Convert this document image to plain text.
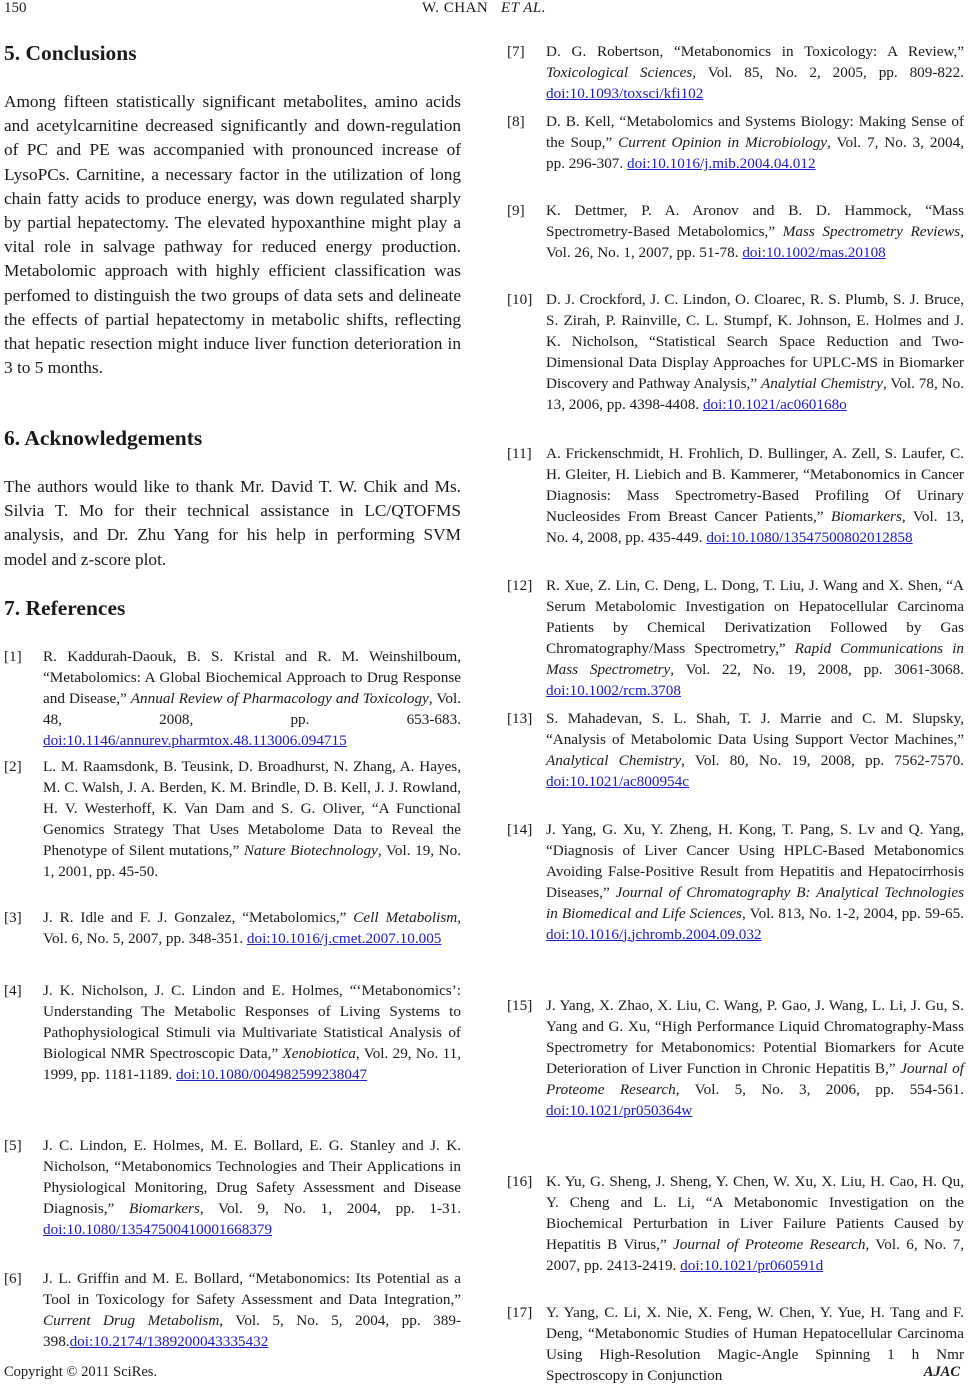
150	W. CHAN ET AL.
5. Conclusions

Among fifteen statistically significant metabolites, amino acids and acetylcarnitine decreased significantly and down-regulation of PC and PE was accompanied with pronounced increase of LysoPCs. Carnitine, a necessary factor in the utilization of long chain fatty acids to produce energy, was down regulated sharply by partial hepatectomy. The elevated hypoxanthine might play a vital role in salvage pathway for reduced energy production. Metabolomic approach with highly efficient classification was perfomed to distinguish the two groups of data sets and delineate the effects of partial hepatectomy in metabolic shifts, reflecting that hepatic resection might induce liver function deterioration in 3 to 5 months.

6. Acknowledgements

The authors would like to thank Mr. David T. W. Chik and Ms. Silvia T. Mo for their technical assistance in LC/QTOFMS analysis, and Dr. Zhu Yang for his help in performing SVM model and z-score plot.

7. References
[1] R. Kaddurah-Daouk, B. S. Kristal and R. M. Weinshilboum, “Metabolomics: A Global Biochemical Approach to Drug Response and Disease,” Annual Review of Pharmacology and Toxicology, Vol. 48, 2008, pp. 653-683. doi:10.1146/annurev.pharmtox.48.113006.094715
[2] L. M. Raamsdonk, B. Teusink, D. Broadhurst, N. Zhang, A. Hayes, M. C. Walsh, J. A. Berden, K. M. Brindle, D. B. Kell, J. J. Rowland, H. V. Westerhoff, K. Van Dam and S. G. Oliver, “A Functional Genomics Strategy That Uses Metabolome Data to Reveal the Phenotype of Silent mutations,” Nature Biotechnology, Vol. 19, No. 1, 2001, pp. 45-50.
[3] J. R. Idle and F. J. Gonzalez, “Metabolomics,” Cell Metabolism, Vol. 6, No. 5, 2007, pp. 348-351. doi:10.1016/j.cmet.2007.10.005
[4] J. K. Nicholson, J. C. Lindon and E. Holmes, “‘Metabonomics’: Understanding The Metabolic Responses of Living Systems to Pathophysiological Stimuli via Multivariate Statistical Analysis of Biological NMR Spectroscopic Data,” Xenobiotica, Vol. 29, No. 11, 1999, pp. 1181-1189. doi:10.1080/004982599238047
[5] J. C. Lindon, E. Holmes, M. E. Bollard, E. G. Stanley and J. K. Nicholson, “Metabonomics Technologies and Their Applications in Physiological Monitoring, Drug Safety Assessment and Disease Diagnosis,” Biomarkers, Vol. 9, No. 1, 2004, pp. 1-31. doi:10.1080/13547500410001668379
[6] J. L. Griffin and M. E. Bollard, “Metabonomics: Its Potential as a Tool in Toxicology for Safety Assessment and Data Integration,” Current Drug Metabolism, Vol. 5, No. 5, 2004, pp. 389-398.doi:10.2174/1389200043335432
[7] D. G. Robertson, “Metabonomics in Toxicology: A Review,” Toxicological Sciences, Vol. 85, No. 2, 2005, pp. 809-822. doi:10.1093/toxsci/kfi102
[8] D. B. Kell, “Metabolomics and Systems Biology: Making Sense of the Soup,” Current Opinion in Microbiology, Vol. 7, No. 3, 2004, pp. 296-307. doi:10.1016/j.mib.2004.04.012
[9] K. Dettmer, P. A. Aronov and B. D. Hammock, “Mass Spectrometry-Based Metabolomics,” Mass Spectrometry Reviews, Vol. 26, No. 1, 2007, pp. 51-78. doi:10.1002/mas.20108
[10] D. J. Crockford, J. C. Lindon, O. Cloarec, R. S. Plumb, S. J. Bruce, S. Zirah, P. Rainville, C. L. Stumpf, K. Johnson, E. Holmes and J. K. Nicholson, “Statistical Search Space Reduction and Two-Dimensional Data Display Approaches for UPLC-MS in Biomarker Discovery and Pathway Analysis,” Analytial Chemistry, Vol. 78, No. 13, 2006, pp. 4398-4408. doi:10.1021/ac060168o
[11] A. Frickenschmidt, H. Frohlich, D. Bullinger, A. Zell, S. Laufer, C. H. Gleiter, H. Liebich and B. Kammerer, “Metabonomics in Cancer Diagnosis: Mass Spectrometry-Based Profiling Of Urinary Nucleosides From Breast Cancer Patients,” Biomarkers, Vol. 13, No. 4, 2008, pp. 435-449. doi:10.1080/13547500802012858
[12] R. Xue, Z. Lin, C. Deng, L. Dong, T. Liu, J. Wang and X. Shen, “A Serum Metabolomic Investigation on Hepatocellular Carcinoma Patients by Chemical Derivatization Followed by Gas Chromatography/Mass Spectrometry,” Rapid Communications in Mass Spectrometry, Vol. 22, No. 19, 2008, pp. 3061-3068. doi:10.1002/rcm.3708
[13] S. Mahadevan, S. L. Shah, T. J. Marrie and C. M. Slupsky, “Analysis of Metabolomic Data Using Support Vector Machines,” Analytical Chemistry, Vol. 80, No. 19, 2008, pp. 7562-7570. doi:10.1021/ac800954c
[14] J. Yang, G. Xu, Y. Zheng, H. Kong, T. Pang, S. Lv and Q. Yang, “Diagnosis of Liver Cancer Using HPLC-Based Metabonomics Avoiding False-Positive Result from Hepatitis and Hepatocirrhosis Diseases,” Journal of Chromatography B: Analytical Technologies in Biomedical and Life Sciences, Vol. 813, No. 1-2, 2004, pp. 59-65. doi:10.1016/j.jchromb.2004.09.032
[15] J. Yang, X. Zhao, X. Liu, C. Wang, P. Gao, J. Wang, L. Li, J. Gu, S. Yang and G. Xu, “High Performance Liquid Chromatography-Mass Spectrometry for Metabonomics: Potential Biomarkers for Acute Deterioration of Liver Function in Chronic Hepatitis B,” Journal of Proteome Research, Vol. 5, No. 3, 2006, pp. 554-561. doi:10.1021/pr050364w
[16] K. Yu, G. Sheng, J. Sheng, Y. Chen, W. Xu, X. Liu, H. Cao, H. Qu, Y. Cheng and L. Li, “A Metabonomic Investigation on the Biochemical Perturbation in Liver Failure Patients Caused by Hepatitis B Virus,” Journal of Proteome Research, Vol. 6, No. 7, 2007, pp. 2413-2419. doi:10.1021/pr060591d
[17] Y. Yang, C. Li, X. Nie, X. Feng, W. Chen, Y. Yue, H. Tang and F. Deng, “Metabonomic Studies of Human Hepatocellular Carcinoma Using High-Resolution Magic-Angle Spinning 1 h Nmr Spectroscopy in Conjunction
Copyright © 2011 SciRes.	AJAC
